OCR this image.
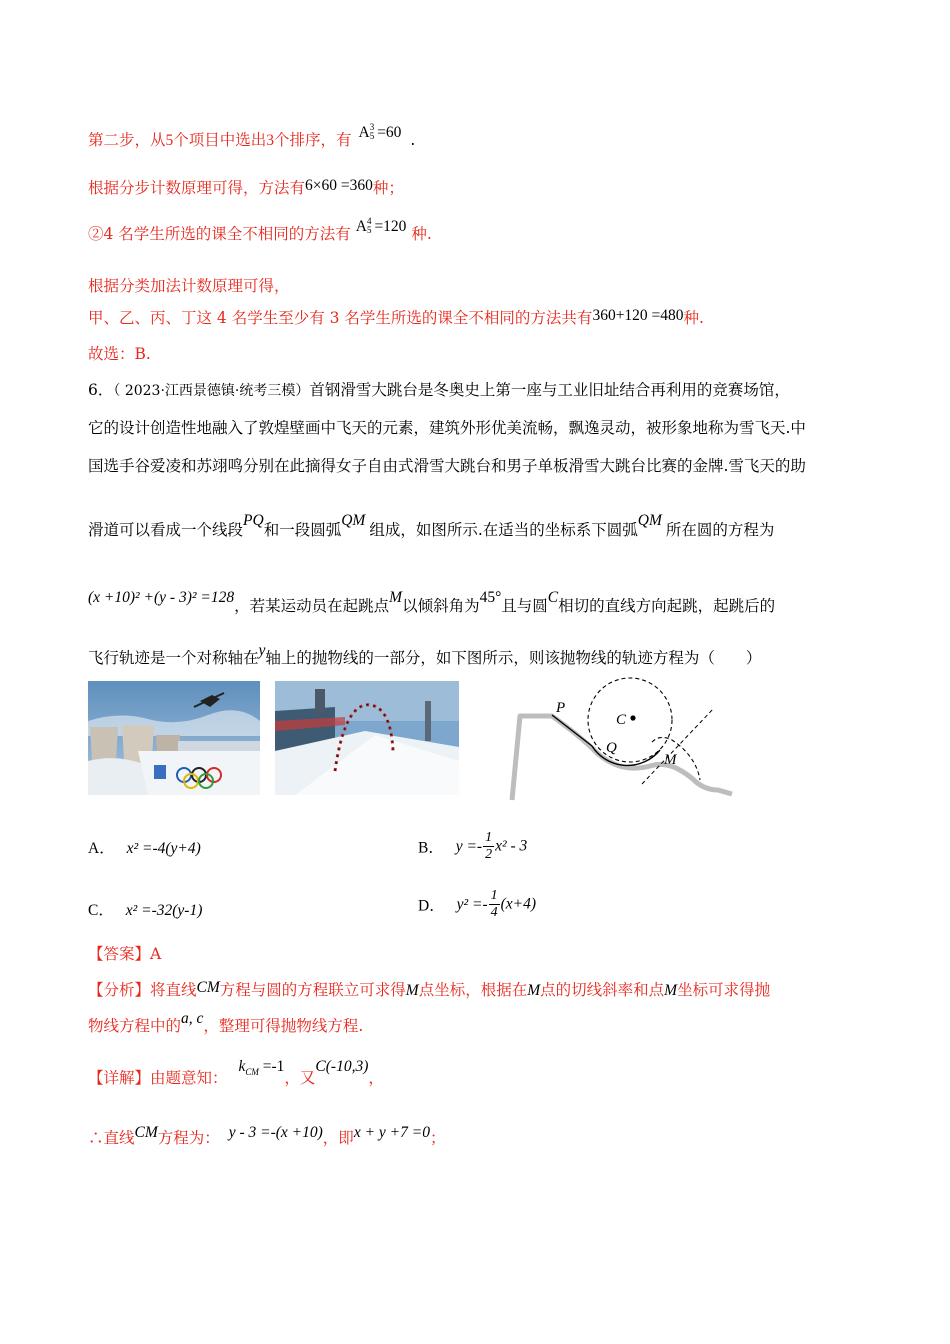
第二步，从5个项目中选出3个排序，有 A 3
5 =60 .
根据分步计数原理可得，方法有6×60 =360种；
②4 名学生所选的课全不相同的方法有 A 4
5 =120 种.
根据分类加法计数原理可得，
甲、乙、丙、丁这 4 名学生至少有 3 名学生所选的课全不相同的方法共有360+120 =480种.
故选：B.
6．（ 2023·江西景德镇·统考三模）首钢滑雪大跳台是冬奥史上第一座与工业旧址结合再利用的竞赛场馆，
它的设计创造性地融入了敦煌壁画中飞天的元素，建筑外形优美流畅，飘逸灵动，被形象地称为雪飞天.中
国选手谷爱凌和苏翊鸣分别在此摘得女子自由式滑雪大跳台和男子单板滑雪大跳台比赛的金牌.雪飞天的助
滑道可以看成一个线段PQ和一段圆弧QM组成，如图所示.在适当的坐标系下圆弧QM所在圆的方程为
(x +10)² +(y - 3)² =128，若某运动员在起跳点M以倾斜角为45°且与圆C相切的直线方向起跳，起跳后的
飞行轨迹是一个对称轴在y轴上的抛物线的一部分，如下图所示，则该抛物线的轨迹方程为（　　）
P
C
Q
M
A． x² =-4(y+4)	B． $y =- \frac{1}{2} x^2 - 3$
C． x² =-32(y-1)	D． $y^2 =- \frac{1}{4} (x+4)$
【答案】A
【分析】将直线CM方程与圆的方程联立可求得M点坐标，根据在M点的切线斜率和点M坐标可求得抛
物线方程中的a, c，整理可得抛物线方程.
【详解】由题意知： $k_{CM} =-1$，又C(-10,3)，
∴直线CM方程为： y - 3 =-(x +10)，即x + y +7 =0；
